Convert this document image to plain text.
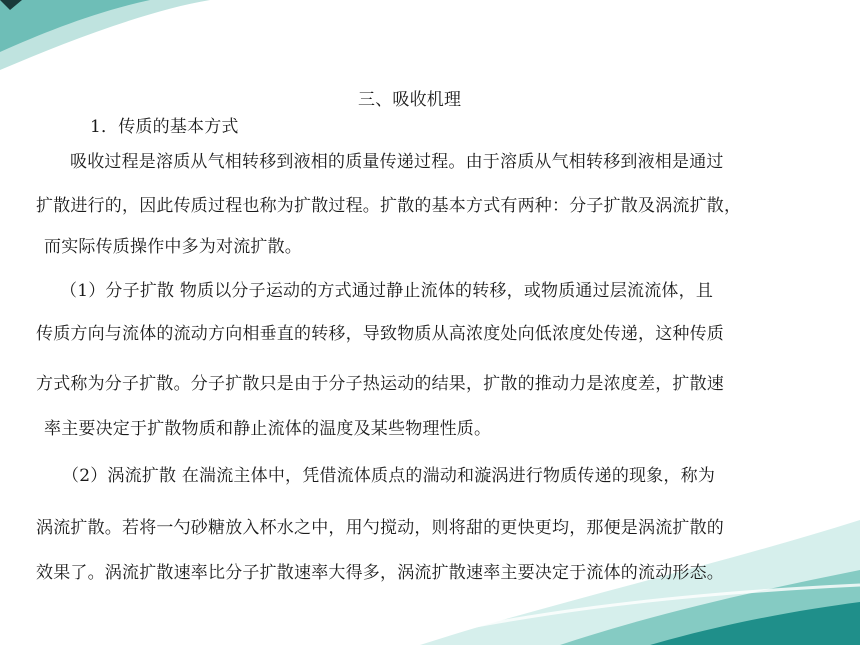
三、吸收机理
1．传质的基本方式
吸收过程是溶质从气相转移到液相的质量传递过程。由于溶质从气相转移到液相是通过
扩散进行的，因此传质过程也称为扩散过程。扩散的基本方式有两种：分子扩散及涡流扩散，
而实际传质操作中多为对流扩散。
（1）分子扩散 物质以分子运动的方式通过静止流体的转移，或物质通过层流流体，且
传质方向与流体的流动方向相垂直的转移，导致物质从高浓度处向低浓度处传递，这种传质
方式称为分子扩散。分子扩散只是由于分子热运动的结果，扩散的推动力是浓度差，扩散速
率主要决定于扩散物质和静止流体的温度及某些物理性质。
（2）涡流扩散 在湍流主体中，凭借流体质点的湍动和漩涡进行物质传递的现象，称为
涡流扩散。若将一勺砂糖放入杯水之中，用勺搅动，则将甜的更快更均，那便是涡流扩散的
效果了。涡流扩散速率比分子扩散速率大得多，涡流扩散速率主要决定于流体的流动形态。
